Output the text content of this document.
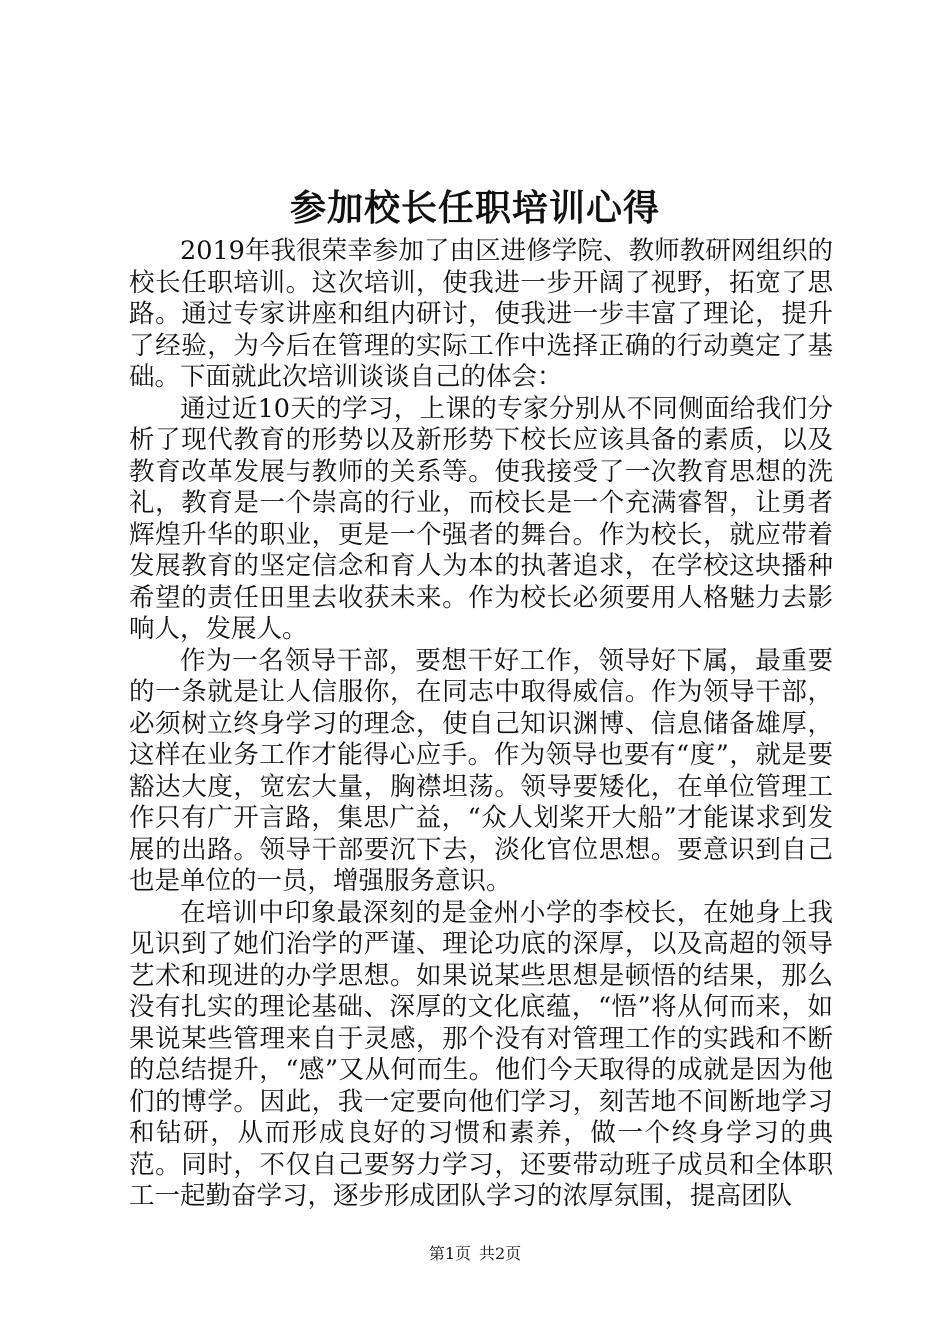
参加校长任职培训心得

2019年我很荣幸参加了由区进修学院、教师教研网组织的校长任职培训。这次培训，使我进一步开阔了视野，拓宽了思路。通过专家讲座和组内研讨，使我进一步丰富了理论，提升了经验，为今后在管理的实际工作中选择正确的行动奠定了基础。下面就此次培训谈谈自己的体会：

通过近10天的学习，上课的专家分别从不同侧面给我们分析了现代教育的形势以及新形势下校长应该具备的素质，以及教育改革发展与教师的关系等。使我接受了一次教育思想的洗礼，教育是一个崇高的行业，而校长是一个充满睿智，让勇者辉煌升华的职业，更是一个强者的舞台。作为校长，就应带着发展教育的坚定信念和育人为本的执著追求，在学校这块播种希望的责任田里去收获未来。作为校长必须要用人格魅力去影响人，发展人。

作为一名领导干部，要想干好工作，领导好下属，最重要的一条就是让人信服你，在同志中取得威信。作为领导干部，必须树立终身学习的理念，使自己知识渊博、信息储备雄厚，这样在业务工作才能得心应手。作为领导也要有“度”，就是要豁达大度，宽宏大量，胸襟坦荡。领导要矮化，在单位管理工作只有广开言路，集思广益，“众人划桨开大船”才能谋求到发展的出路。领导干部要沉下去，淡化官位思想。要意识到自己也是单位的一员，增强服务意识。

在培训中印象最深刻的是金州小学的李校长，在她身上我见识到了她们治学的严谨、理论功底的深厚，以及高超的领导艺术和现进的办学思想。如果说某些思想是顿悟的结果，那么没有扎实的理论基础、深厚的文化底蕴，“悟”将从何而来，如果说某些管理来自于灵感，那个没有对管理工作的实践和不断的总结提升，“感”又从何而生。他们今天取得的成就是因为他们的博学。因此，我一定要向他们学习，刻苦地不间断地学习和钻研，从而形成良好的习惯和素养，做一个终身学习的典范。同时，不仅自己要努力学习，还要带动班子成员和全体职工一起勤奋学习，逐步形成团队学习的浓厚氛围，提高团队

第1页 共2页
